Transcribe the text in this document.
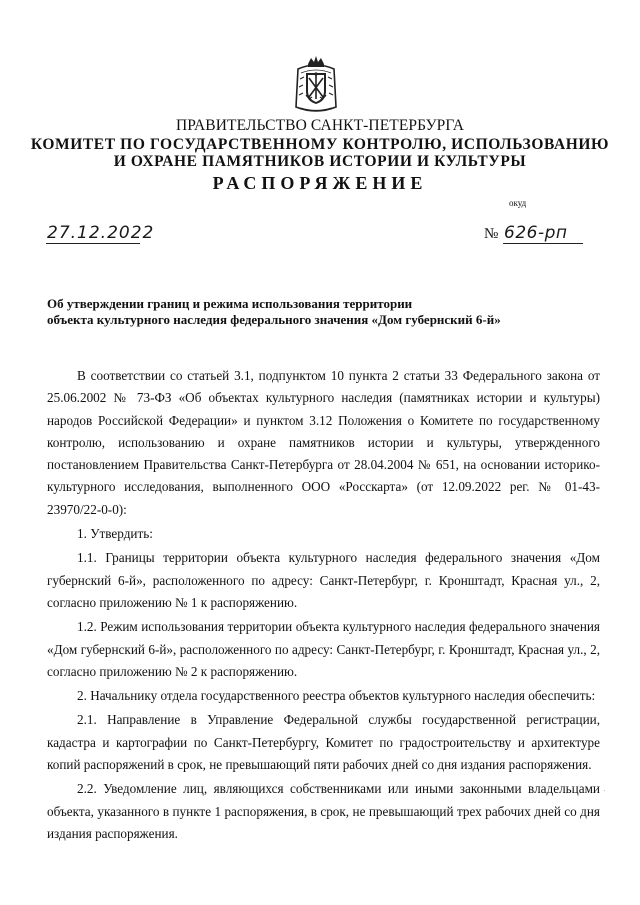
ПРАВИТЕЛЬСТВО САНКТ-ПЕТЕРБУРГА
КОМИТЕТ ПО ГОСУДАРСТВЕННОМУ КОНТРОЛЮ, ИСПОЛЬЗОВАНИЮ
И ОХРАНЕ ПАМЯТНИКОВ ИСТОРИИ И КУЛЬТУРЫ
РАСПОРЯЖЕНИЕ
окуд
27.12.2022	№ 626-рп
Об утверждении границ и режима использования территории
объекта культурного наследия федерального значения «Дом губернский 6-й»

В соответствии со статьей 3.1, подпунктом 10 пункта 2 статьи 33 Федерального закона от 25.06.2002 № 73-ФЗ «Об объектах культурного наследия (памятниках истории и культуры) народов Российской Федерации» и пунктом 3.12 Положения о Комитете по государственному контролю, использованию и охране памятников истории и культуры, утвержденного постановлением Правительства Санкт-Петербурга от 28.04.2004 № 651, на основании историко-культурного исследования, выполненного ООО «Росскарта» (от 12.09.2022 рег. № 01-43-23970/22-0-0):

1. Утвердить:

1.1. Границы территории объекта культурного наследия федерального значения «Дом губернский 6-й», расположенного по адресу: Санкт-Петербург, г. Кронштадт, Красная ул., 2, согласно приложению № 1 к распоряжению.

1.2. Режим использования территории объекта культурного наследия федерального значения «Дом губернский 6-й», расположенного по адресу: Санкт-Петербург, г. Кронштадт, Красная ул., 2, согласно приложению № 2 к распоряжению.

2. Начальнику отдела государственного реестра объектов культурного наследия обеспечить:

2.1. Направление в Управление Федеральной службы государственной регистрации, кадастра и картографии по Санкт-Петербургу, Комитет по градостроительству и архитектуре копий распоряжений в срок, не превышающий пяти рабочих дней со дня издания распоряжения.

2.2. Уведомление лиц, являющихся собственниками или иными законными владельцами объекта, указанного в пункте 1 распоряжения, в срок, не превышающий трех рабочих дней со дня издания распоряжения.
